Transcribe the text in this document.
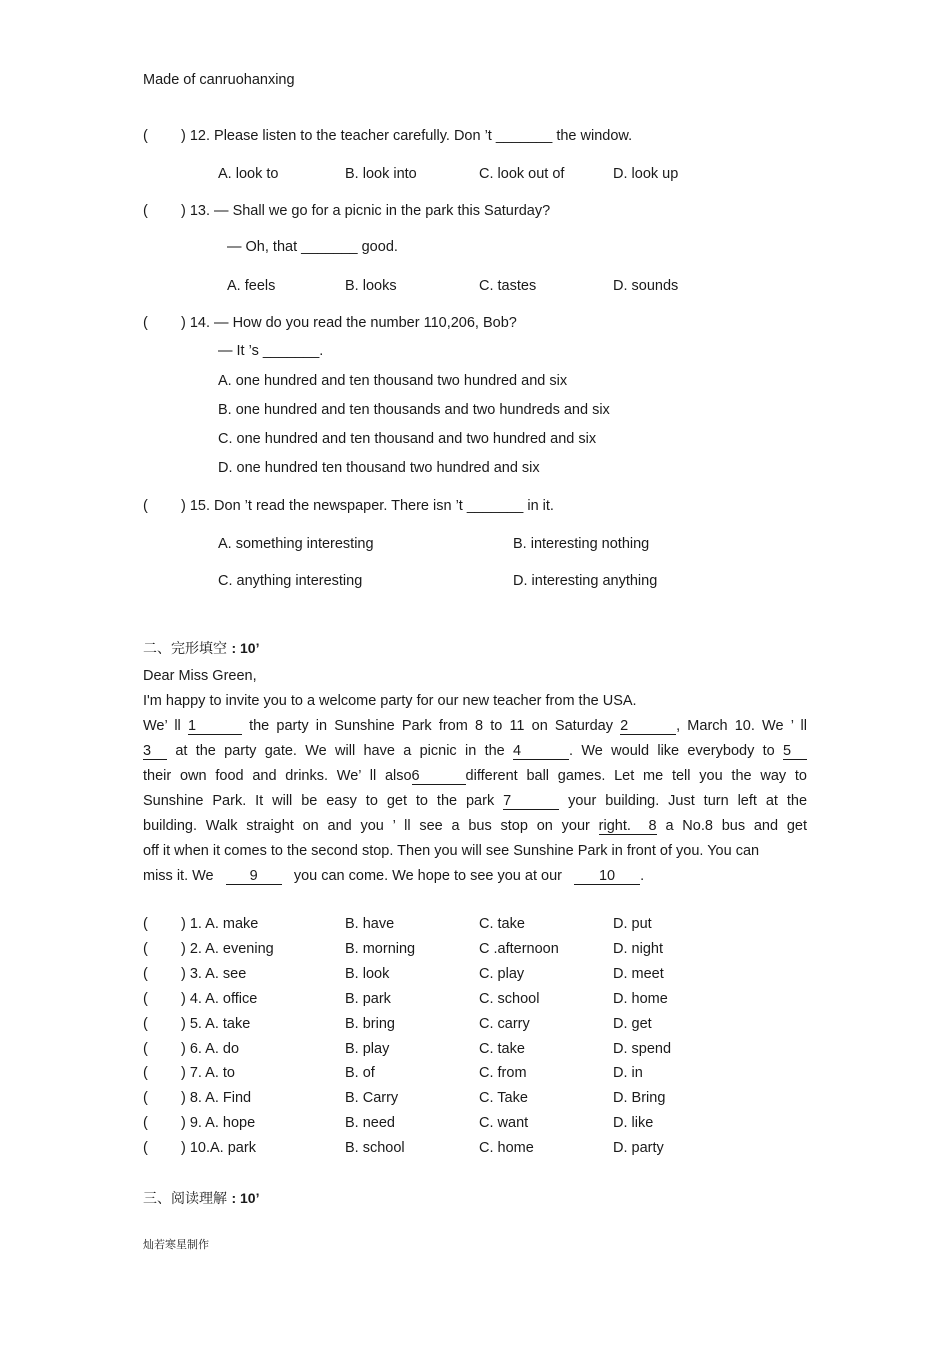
Made of canruohanxing
( ) 12. Please listen to the teacher carefully. Don ’t _______ the window.
A. look to	B. look into	C. look out of	D. look up
( ) 13. — Shall we go for a picnic in the park this Saturday?
— Oh, that _______ good.
A. feels	B. looks	C. tastes	D. sounds
( ) 14. — How do you read the number 110,206, Bob?
— It ’s _______.
A. one hundred and ten thousand two hundred and six
B. one hundred and ten thousands and two hundreds and six
C. one hundred and ten thousand and two hundred and six
D. one hundred ten thousand two hundred and six
( ) 15. Don ’t read the newspaper. There isn ’t _______ in it.
A. something interesting	B. interesting nothing
C. anything interesting	D. interesting anything
二、完形填空 : 10’
Dear Miss Green,
I'm happy to invite you to a welcome party for our new teacher from the USA.
We’ ll 1	the party in Sunshine Park from 8 to 11 on Saturday 2	, March 10. We ’ ll
3 at the party gate. We will have a picnic in the 4	. We would like everybody to 5
their own food and drinks. We’ ll also6	different ball games. Let me tell you the way to
Sunshine Park. It will be easy to get to the park 7	your building. Just turn left at the
building. Walk straight on and you ’ ll see a bus stop on your right. 8 a No.8 bus and get
off it when it comes to the second stop. Then you will see Sunshine Park in front of you. You can
miss it. We 9 you can come. We hope to see you at our	10 .
( ) 1. A. make	B. have	C. take	D. put
( ) 2. A. evening	B. morning	C .afternoon	D. night
( ) 3. A. see	B. look	C. play	D. meet
( ) 4. A. office	B. park	C. school	D. home
( ) 5. A. take	B. bring	C. carry	D. get
( ) 6. A. do	B. play	C. take	D. spend
( ) 7. A. to	B. of	C. from	D. in
( ) 8. A. Find	B. Carry	C. Take	D. Bring
( ) 9. A. hope	B. need	C. want	D. like
( ) 10.A. park	B. school	C. home	D. party
三、阅读理解 : 10’
灿若寒星制作
